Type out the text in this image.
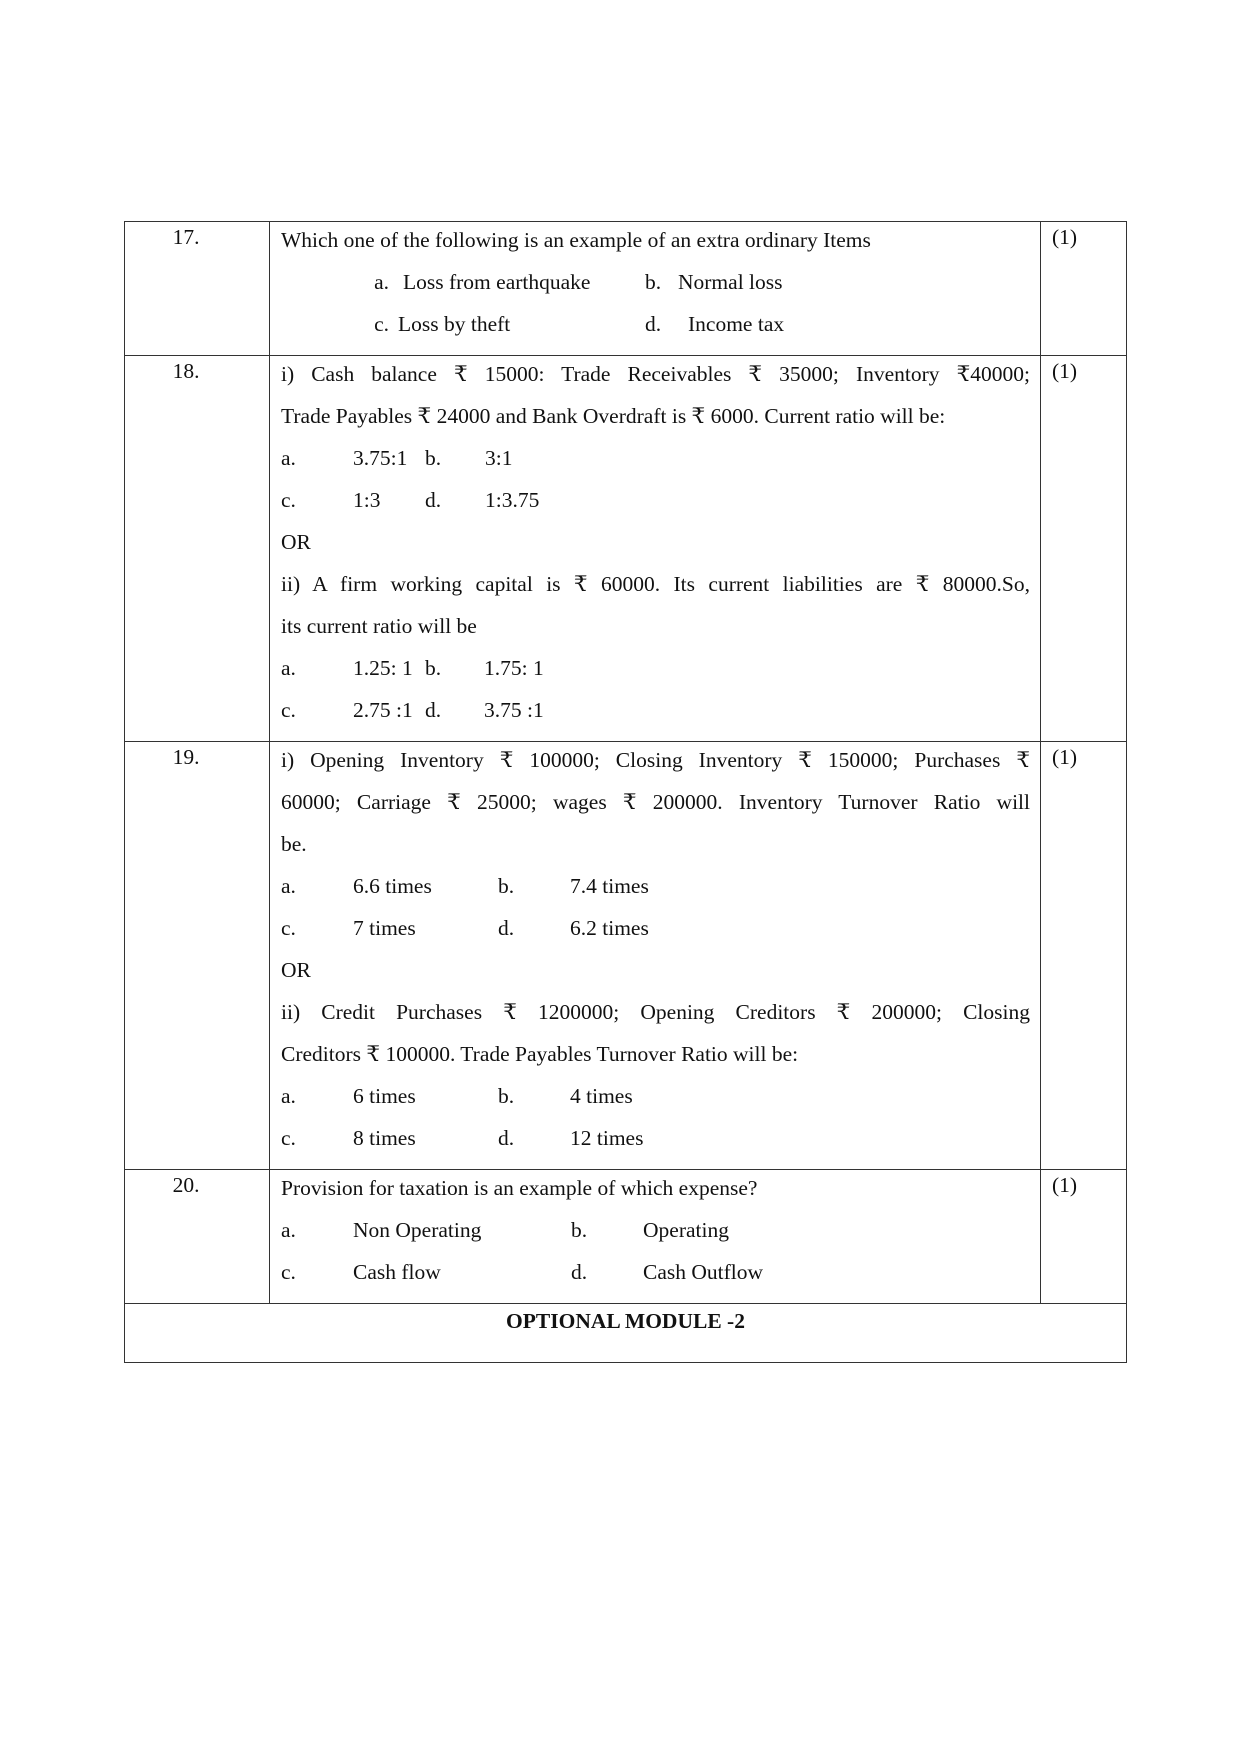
17.	Which one of the following is an example of an extra ordinary Items
a. Loss from earthquake	b. Normal loss
c. Loss by theft	d.	Income tax
(1)
18.	i) Cash balance ₹ 15000: Trade Receivables ₹ 35000; Inventory ₹40000;
Trade Payables ₹ 24000 and Bank Overdraft is ₹ 6000. Current ratio will be:
a.	3.75:1 b.	3:1
c.	1:3	d.	1:3.75
OR
ii) A firm working capital is ₹ 60000. Its current liabilities are ₹ 80000.So,
its current ratio will be
a.	1.25: 1 b.	1.75: 1
c.	2.75 :1 d.	3.75 :1
(1)
19.	i) Opening Inventory ₹ 100000; Closing Inventory ₹ 150000; Purchases ₹
60000; Carriage ₹ 25000; wages ₹ 200000. Inventory Turnover Ratio will
be.
a.	6.6 times	b.	7.4 times
c.	7 times	d.	6.2 times
OR
ii) Credit Purchases ₹ 1200000; Opening Creditors ₹ 200000; Closing
Creditors ₹ 100000. Trade Payables Turnover Ratio will be:
a.	6 times	b.	4 times
c.	8 times	d.	12 times
(1)
20.	Provision for taxation is an example of which expense?
a.	Non Operating	b.	Operating
c.	Cash flow	d.	Cash Outflow
(1)
OPTIONAL MODULE -2
